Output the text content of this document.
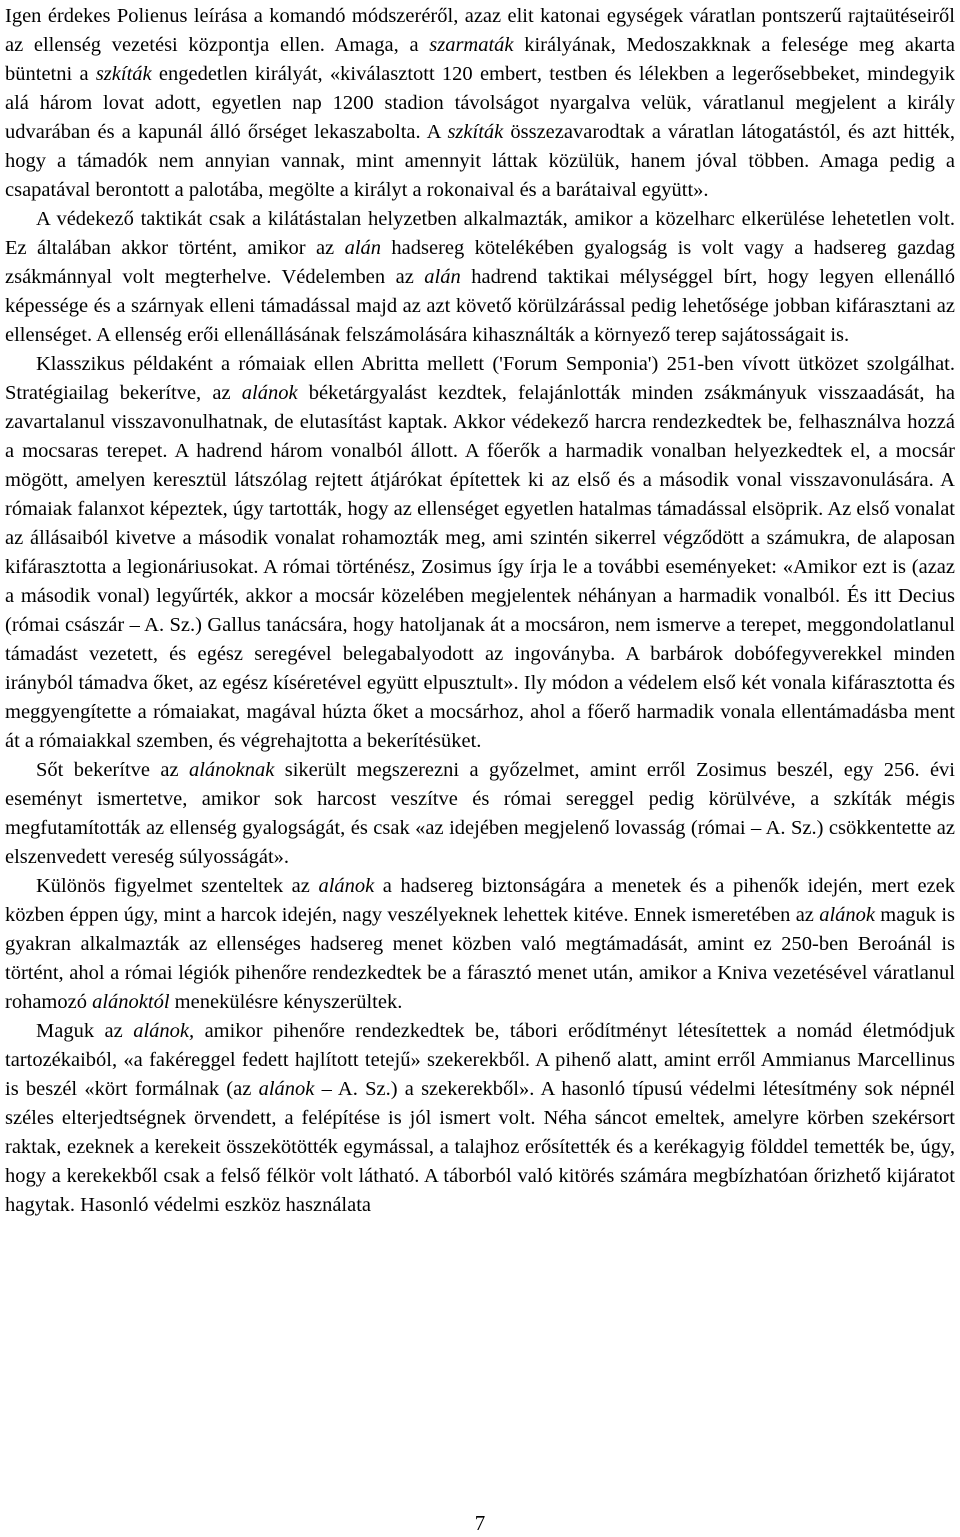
Igen érdekes Polienus leírása a komandó módszeréről, azaz elit katonai egységek váratlan pontszerű rajtaütéseiről az ellenség vezetési központja ellen. Amaga, a szarmaták királyának, Medoszakknak a felesége meg akarta büntetni a szkíták engedetlen királyát, «kiválasztott 120 embert, testben és lélekben a legerősebbeket, mindegyik alá három lovat adott, egyetlen nap 1200 stadion távolságot nyargalva velük, váratlanul megjelent a király udvarában és a kapunál álló őrséget lekaszabolta. A szkíták összezavarodtak a váratlan látogatástól, és azt hitték, hogy a támadók nem annyian vannak, mint amennyit láttak közülük, hanem jóval többen. Amaga pedig a csapatával berontott a palotába, megölte a királyt a rokonaival és a barátaival együtt».

A védekező taktikát csak a kilátástalan helyzetben alkalmazták, amikor a közelharc elkerülése lehetetlen volt. Ez általában akkor történt, amikor az alán hadsereg kötelékében gyalogság is volt vagy a hadsereg gazdag zsákmánnyal volt megterhelve. Védelemben az alán hadrend taktikai mélységgel bírt, hogy legyen ellenálló képessége és a szárnyak elleni támadással majd az azt követő körülzárással pedig lehetősége jobban kifárasztani az ellenséget. A ellenség erői ellenállásának felszámolására kihasználták a környező terep sajátosságait is.

Klasszikus példaként a rómaiak ellen Abritta mellett ('Forum Semponia') 251-ben vívott ütközet szolgálhat. Stratégiailag bekerítve, az alánok béketárgyalást kezdtek, felajánlották minden zsákmányuk visszaadását, ha zavartalanul visszavonulhatnak, de elutasítást kaptak. Akkor védekező harcra rendezkedtek be, felhasználva hozzá a mocsaras terepet. A hadrend három vonalból állott. A főerők a harmadik vonalban helyezkedtek el, a mocsár mögött, amelyen keresztül látszólag rejtett átjárókat építettek ki az első és a második vonal visszavonulására. A rómaiak falanxot képeztek, úgy tartották, hogy az ellenséget egyetlen hatalmas támadással elsöprik. Az első vonalat az állásaiból kivetve a második vonalat rohamozták meg, ami szintén sikerrel végződött a számukra, de alaposan kifárasztotta a legionáriusokat. A római történész, Zosimus így írja le a további eseményeket: «Amikor ezt is (azaz a második vonal) legyűrték, akkor a mocsár közelében megjelentek néhányan a harmadik vonalból. És itt Decius (római császár – A. Sz.) Gallus tanácsára, hogy hatoljanak át a mocsáron, nem ismerve a terepet, meggondolatlanul támadást vezetett, és egész seregével belegabalyodott az ingoványba. A barbárok dobófegyverekkel minden irányból támadva őket, az egész kíséretével együtt elpusztult». Ily módon a védelem első két vonala kifárasztotta és meggyengítette a rómaiakat, magával húzta őket a mocsárhoz, ahol a főerő harmadik vonala ellentámadásba ment át a rómaiakkal szemben, és végrehajtotta a bekerítésüket.

Sőt bekerítve az alánoknak sikerült megszerezni a győzelmet, amint erről Zosimus beszél, egy 256. évi eseményt ismertetve, amikor sok harcost veszítve és római sereggel pedig körülvéve, a szkíták mégis megfutamították az ellenség gyalogságát, és csak «az idejében megjelenő lovasság (római – A. Sz.) csökkentette az elszenvedett vereség súlyosságát».

Különös figyelmet szenteltek az alánok a hadsereg biztonságára a menetek és a pihenők idején, mert ezek közben éppen úgy, mint a harcok idején, nagy veszélyeknek lehettek kitéve. Ennek ismeretében az alánok maguk is gyakran alkalmazták az ellenséges hadsereg menet közben való megtámadását, amint ez 250-ben Beroánál is történt, ahol a római légiók pihenőre rendezkedtek be a fárasztó menet után, amikor a Kniva vezetésével váratlanul rohamozó alánoktól menekülésre kényszerültek.

Maguk az alánok, amikor pihenőre rendezkedtek be, tábori erődítményt létesítettek a nomád életmódjuk tartozékaiból, «a fakéreggel fedett hajlított tetejű» szekerekből. A pihenő alatt, amint erről Ammianus Marcellinus is beszél «kört formálnak (az alánok – A. Sz.) a szekerekből». A hasonló típusú védelmi létesítmény sok népnél széles elterjedtségnek örvendett, a felépítése is jól ismert volt. Néha sáncot emeltek, amelyre körben szekérsort raktak, ezeknek a kerekeit összekötötték egymással, a talajhoz erősítették és a kerékagyig földdel temették be, úgy, hogy a kerekekből csak a felső félkör volt látható. A táborból való kitörés számára megbízhatóan őrizhető kijáratot hagytak. Hasonló védelmi eszköz használata

7
